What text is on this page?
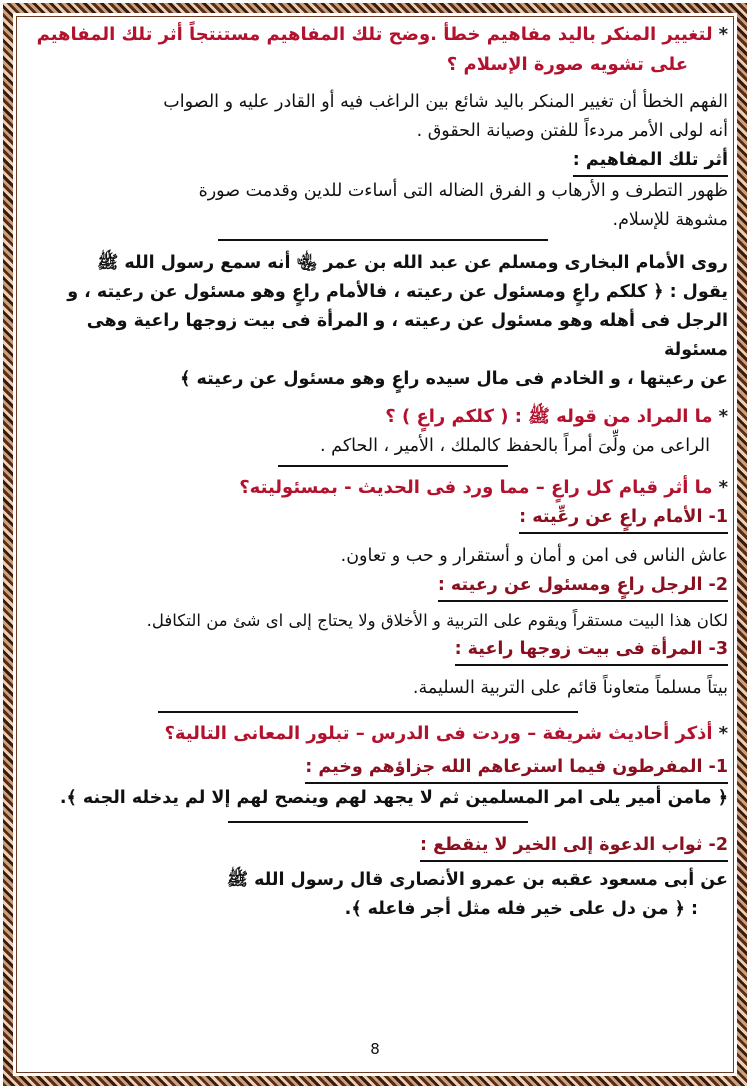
*لتغيير المنكر باليد مفاهيم خطأ .وضح تلك المفاهيم مستنتجاً أثر تلك المفاهيم

على تشويه صورة الإسلام ؟

الفهم الخطأ أن تغيير المنكر باليد شائع بين الراغب فيه أو القادر عليه و الصواب

أنه لولى الأمر مردءاً للفتن وصيانة الحقوق .

أثر تلك المفاهيم :

ظهور التطرف و الأرهاب و الفرق الضاله التى أساءت للدين وقدمت صورة

مشوهة للإسلام.

روى الأمام البخارى ومسلم عن عبد الله بن عمر ﵄ أنه سمع رسول الله ﷺ

يقول : ﴿ كلكم راعٍ ومسئول عن رعيته ، فالأمام راعٍ وهو مسئول عن رعيته ، و

الرجل فى أهله وهو مسئول عن رعيته ، و المرأة فى بيت زوجها راعية وهى مسئولة

عن رعيتها ، و الخادم فى مال سيده راعٍ وهو مسئول عن رعيته ﴾

*ما المراد من قوله ﷺ : ( كلكم راعٍ ) ؟

الراعى من ولِّىَ أمراً بالحفظ كالملك ، الأمير ، الحاكم .

*ما أثر قيام كل راعٍ – مما ورد فى الحديث - بمسئوليته؟

1- الأمام راعٍ عن رعِّيته :

عاش الناس فى امن و أمان و أستقرار و حب و تعاون.

2- الرجل راعٍ ومسئول عن رعيته :

لكان هذا البيت مستقراً ويقوم على التربية و الأخلاق ولا يحتاج إلى اى شئ من التكافل.

3- المرأة فى بيت زوجها راعية :

بيتاً مسلماً متعاوناً قائم على التربية السليمة.

*أذكر أحاديث شريفة – وردت فى الدرس – تبلور المعانى التالية؟

1- المفرطون فيما استرعاهم الله جزاؤهم وخيم :

﴿ مامن أمير يلى امر المسلمين ثم لا يجهد لهم وينصح لهم إلا لم يدخله الجنه ﴾.

2- ثواب الدعوة إلى الخير لا ينقطع :

عن أبى مسعود عقبه بن عمرو الأنصارى قال رسول الله ﷺ

: ﴿ من دل على خير فله مثل أجر فاعله ﴾.

8
